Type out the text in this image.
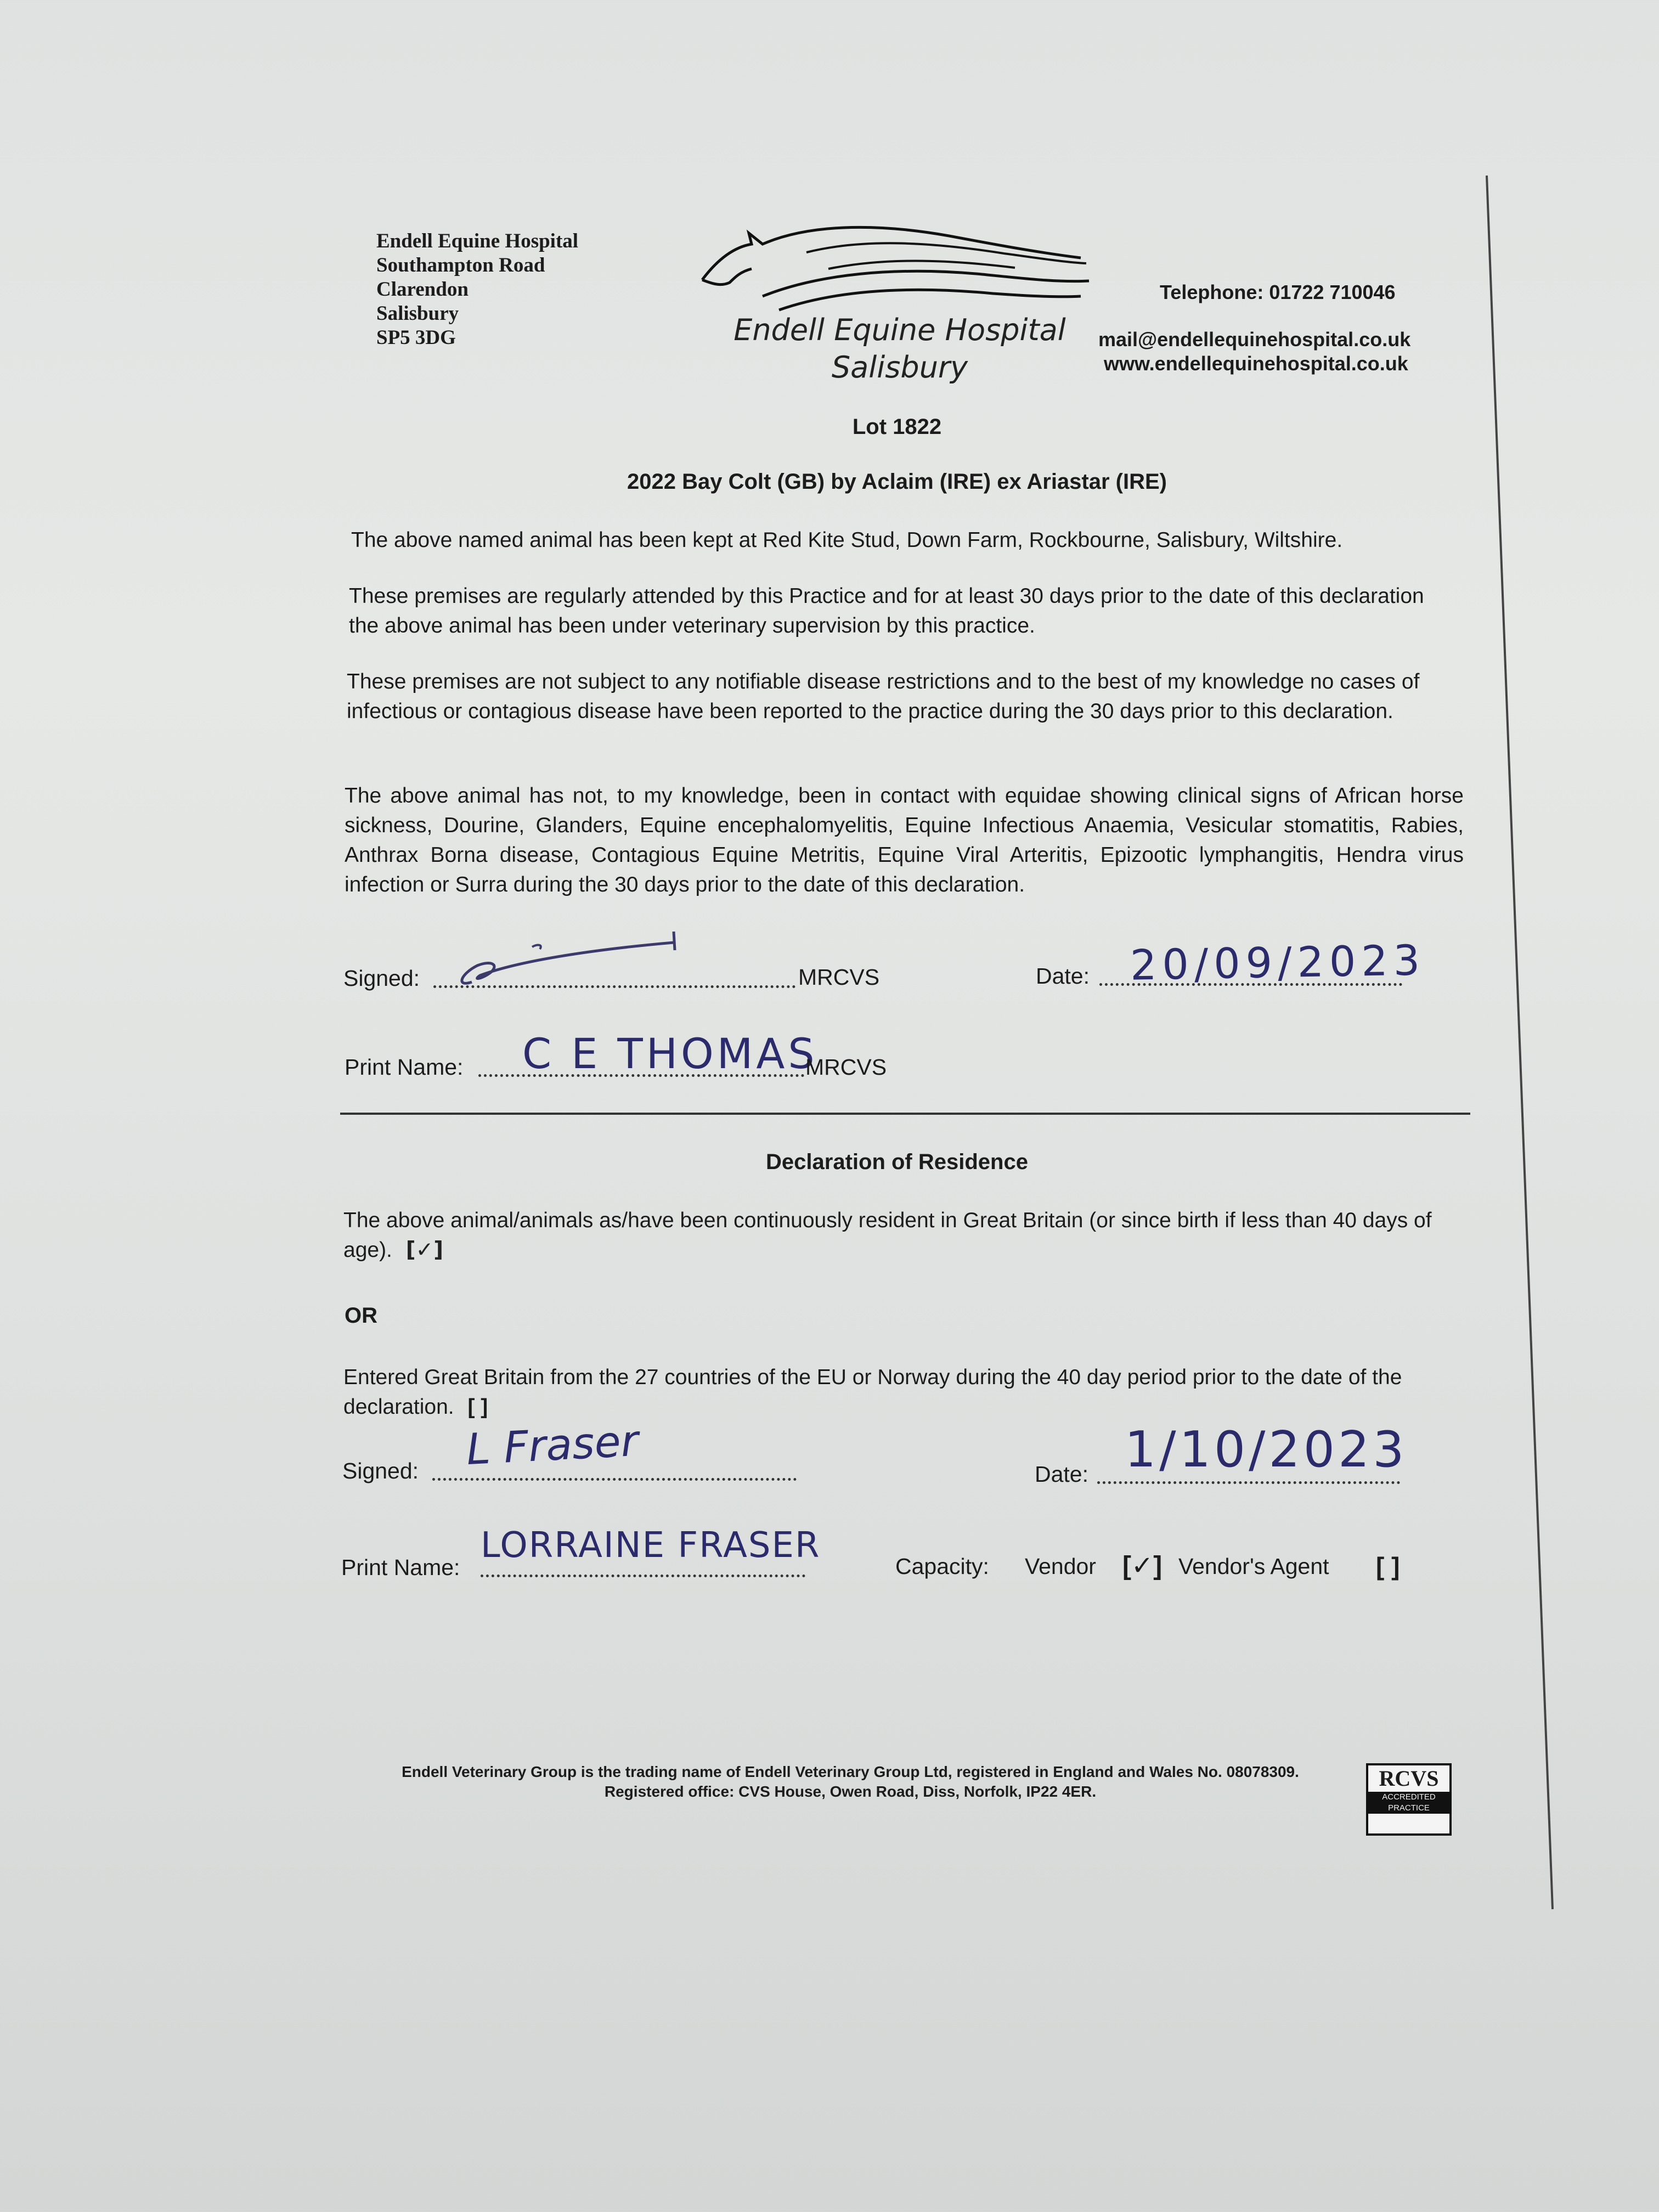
Endell Equine Hospital
Southampton Road
Clarendon
Salisbury
SP5 3DG	Endell Equine Hospital
Salisbury
Telephone: 01722 710046
mail@endellequinehospital.co.uk
www.endellequinehospital.co.uk
Lot 1822
2022 Bay Colt (GB) by Aclaim (IRE) ex Ariastar (IRE)
The above named animal has been kept at Red Kite Stud, Down Farm, Rockbourne, Salisbury, Wiltshire.
These premises are regularly attended by this Practice and for at least 30 days prior to the date of this declaration the above animal has been under veterinary supervision by this practice.
These premises are not subject to any notifiable disease restrictions and to the best of my knowledge no cases of infectious or contagious disease have been reported to the practice during the 30 days prior to this declaration.
The above animal has not, to my knowledge, been in contact with equidae showing clinical signs of African horse sickness, Dourine, Glanders, Equine encephalomyelitis, Equine Infectious Anaemia, Vesicular stomatitis, Rabies, Anthrax Borna disease, Contagious Equine Metritis, Equine Viral Arteritis, Epizootic lymphangitis, Hendra virus infection or Surra during the 30 days prior to the date of this declaration.
Signed:	MRCVS	Date: 20/09/2023
Print Name: C E THOMAS
MRCVS
Declaration of Residence
The above animal/animals as/have been continuously resident in Great Britain (or since birth if less than 40 days of age). [✓]
OR
Entered Great Britain from the 27 countries of the EU or Norway during the 40 day period prior to the date of the declaration. [ ]
Signed: L Fraser	Date: 1/10/2023
Print Name:
LORRAINE FRASER
Capacity: Vendor [✓] Vendor's Agent [ ]
Endell Veterinary Group is the trading name of Endell Veterinary Group Ltd, registered in England and Wales No. 08078309.
Registered office: CVS House, Owen Road, Diss, Norfolk, IP22 4ER.
RCVS
ACCREDITED
PRACTICE
